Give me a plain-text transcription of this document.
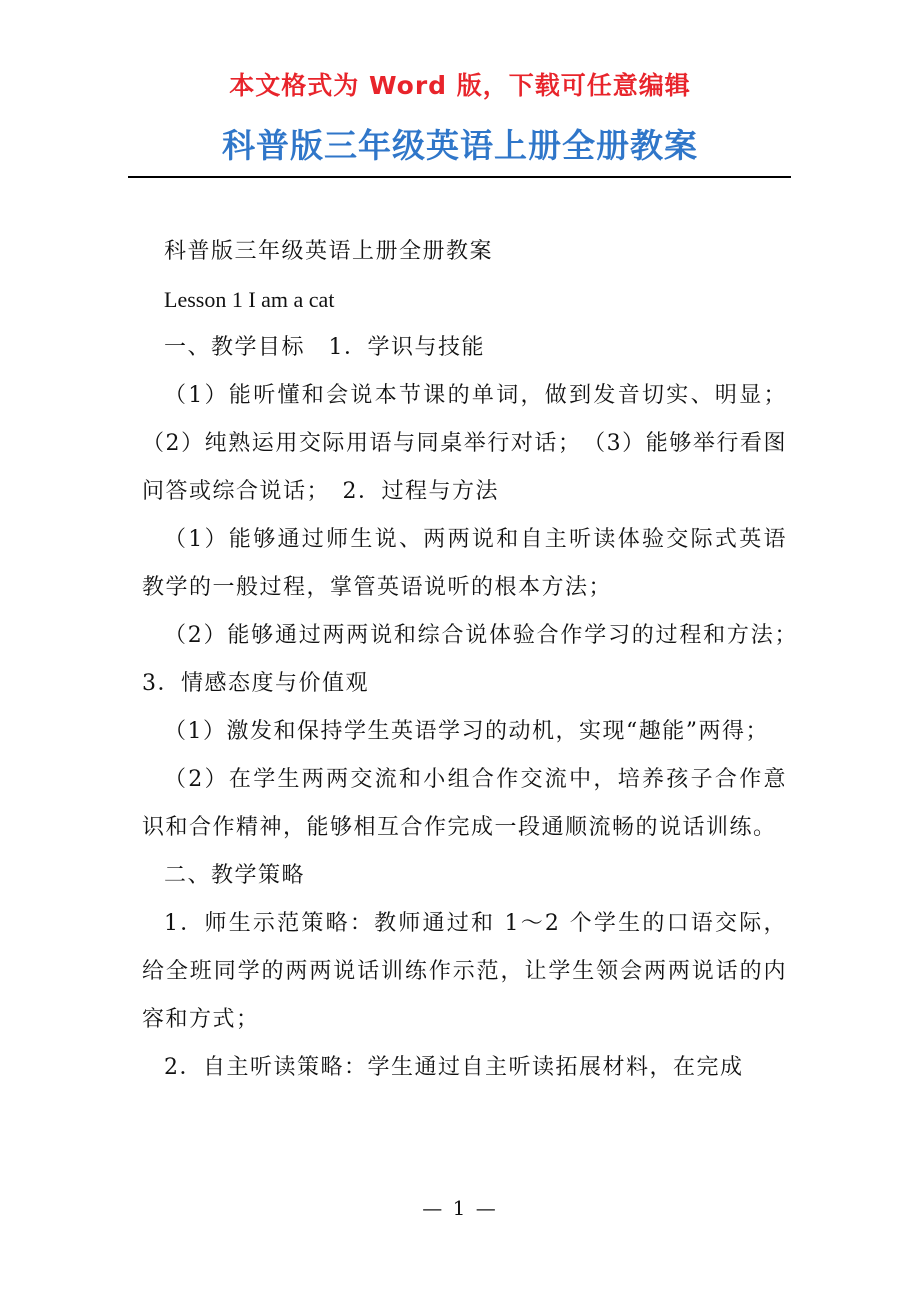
本文格式为 Word 版，下载可任意编辑
科普版三年级英语上册全册教案

科普版三年级英语上册全册教案

Lesson 1 I am a cat

一、教学目标　1．学识与技能

（1）能听懂和会说本节课的单词，做到发音切实、明显；（2）纯熟运用交际用语与同桌举行对话；　（3）能够举行看图问答或综合说话；　2．过程与方法

（1）能够通过师生说、两两说和自主听读体验交际式英语教学的一般过程，掌管英语说听的根本方法；

（2）能够通过两两说和综合说体验合作学习的过程和方法；　3．情感态度与价值观

（1）激发和保持学生英语学习的动机，实现“趣能”两得；

（2）在学生两两交流和小组合作交流中，培养孩子合作意识和合作精神，能够相互合作完成一段通顺流畅的说话训练。

二、教学策略

1．师生示范策略：教师通过和 1～2 个学生的口语交际，给全班同学的两两说话训练作示范，让学生领会两两说话的内容和方式；

2．自主听读策略：学生通过自主听读拓展材料，在完成

— 1 —
